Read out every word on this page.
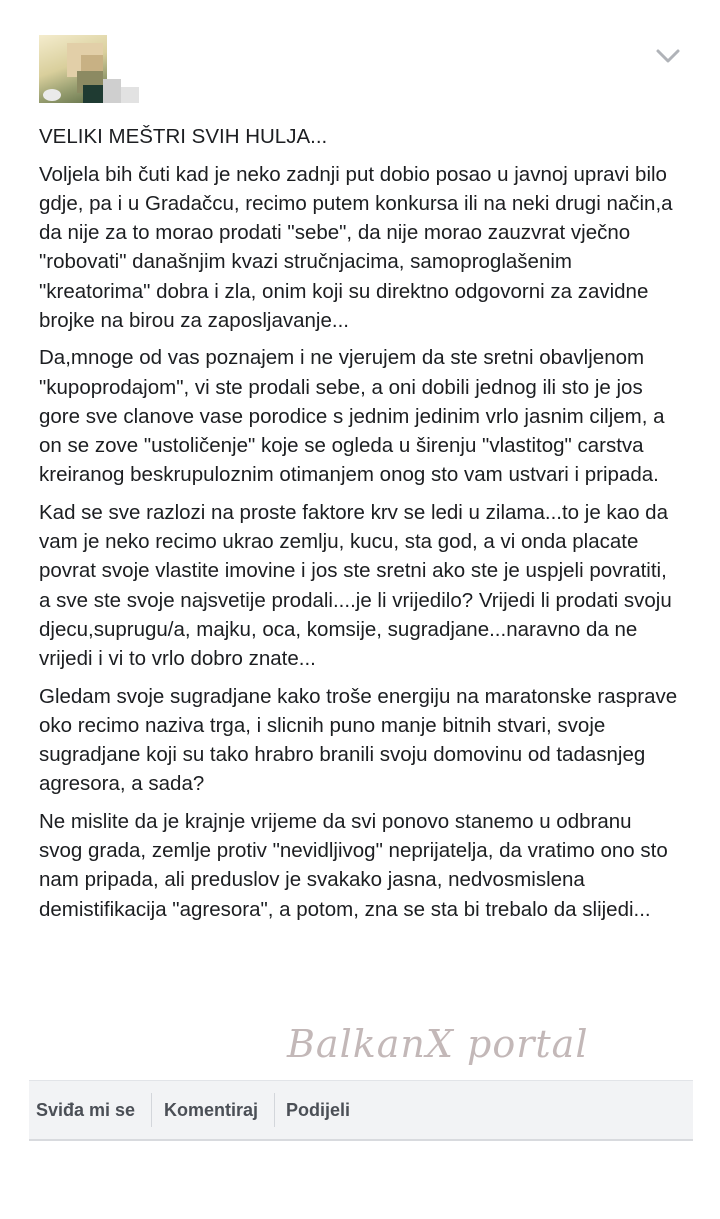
VELIKI MEŠTRI SVIH HULJA...

Voljela bih čuti kad je neko zadnji put dobio posao u javnoj upravi bilo gdje, pa i u Gradačcu, recimo putem konkursa ili na neki drugi način,a da nije za to morao prodati "sebe", da nije morao zauzvrat vječno "robovati" današnjim kvazi stručnjacima, samoproglašenim "kreatorima" dobra i zla, onim koji su direktno odgovorni za zavidne brojke na birou za zaposljavanje...

Da,mnoge od vas poznajem i ne vjerujem da ste sretni obavljenom "kupoprodajom", vi ste prodali sebe, a oni dobili jednog ili sto je jos gore sve clanove vase porodice s jednim jedinim vrlo jasnim ciljem, a on se zove "ustoličenje" koje se ogleda u širenju "vlastitog" carstva kreiranog beskrupuloznim otimanjem onog sto vam ustvari i pripada.

Kad se sve razlozi na proste faktore krv se ledi u zilama...to je kao da vam je neko recimo ukrao zemlju, kucu, sta god, a vi onda placate povrat svoje vlastite imovine i jos ste sretni ako ste je uspjeli povratiti, a sve ste svoje najsvetije prodali....je li vrijedilo? Vrijedi li prodati svoju djecu,suprugu/a, majku, oca, komsije, sugradjane...naravno da ne vrijedi i vi to vrlo dobro znate...

Gledam svoje sugradjane kako troše energiju na maratonske rasprave oko recimo naziva trga, i slicnih puno manje bitnih stvari, svoje sugradjane koji su tako hrabro branili svoju domovinu od tadasnjeg agresora, a sada?

Ne mislite da je krajnje vrijeme da svi ponovo stanemo u odbranu svog grada, zemlje protiv "nevidljivog" neprijatelja, da vratimo ono sto nam pripada, ali preduslov je svakako jasna, nedvosmislena demistifikacija "agresora", a potom, zna se sta bi trebalo da slijedi...

BalkanX portal
Sviđa mi se Komentiraj Podijeli
